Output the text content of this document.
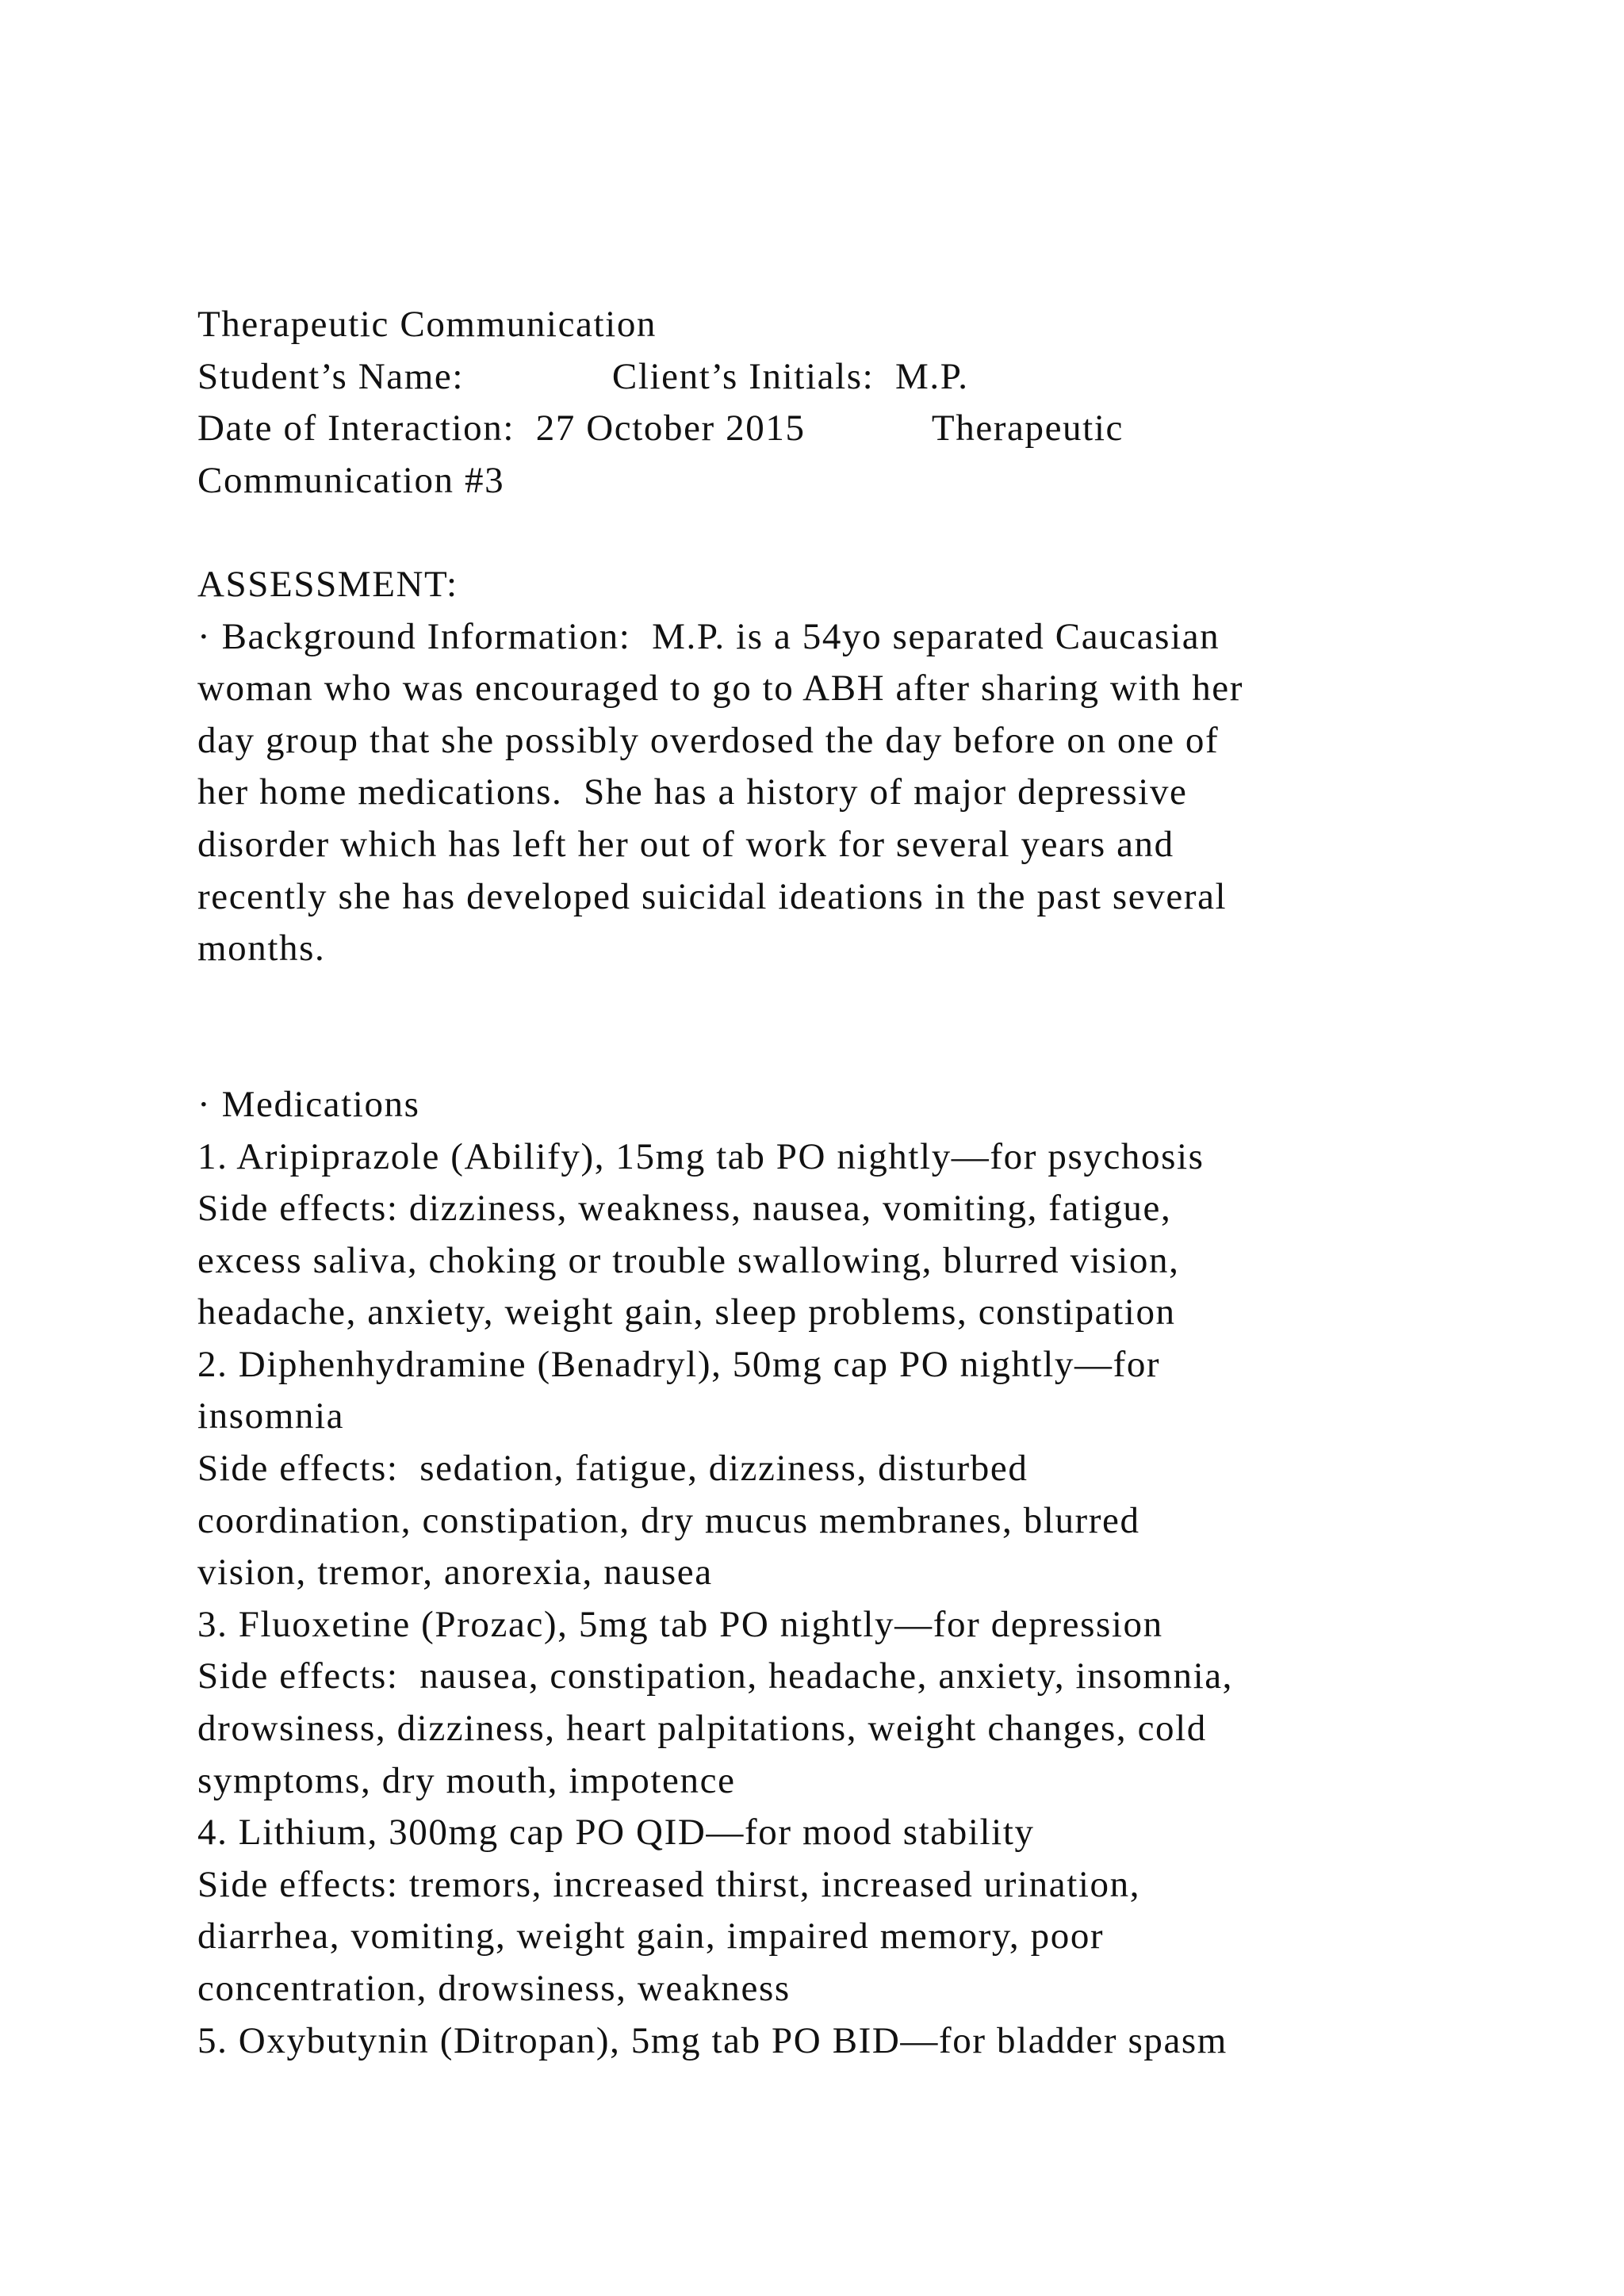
Therapeutic Communication
Student’s Name:              Client’s Initials:  M.P.
Date of Interaction:  27 October 2015            Therapeutic
Communication #3
ASSESSMENT:
· Background Information:  M.P. is a 54yo separated Caucasian
woman who was encouraged to go to ABH after sharing with her
day group that she possibly overdosed the day before on one of
her home medications.  She has a history of major depressive
disorder which has left her out of work for several years and
recently she has developed suicidal ideations in the past several
months.
· Medications
1. Aripiprazole (Abilify), 15mg tab PO nightly—for psychosis
Side effects: dizziness, weakness, nausea, vomiting, fatigue,
excess saliva, choking or trouble swallowing, blurred vision,
headache, anxiety, weight gain, sleep problems, constipation
2. Diphenhydramine (Benadryl), 50mg cap PO nightly—for
insomnia
Side effects:  sedation, fatigue, dizziness, disturbed
coordination, constipation, dry mucus membranes, blurred
vision, tremor, anorexia, nausea
3. Fluoxetine (Prozac), 5mg tab PO nightly—for depression
Side effects:  nausea, constipation, headache, anxiety, insomnia,
drowsiness, dizziness, heart palpitations, weight changes, cold
symptoms, dry mouth, impotence
4. Lithium, 300mg cap PO QID—for mood stability
Side effects: tremors, increased thirst, increased urination,
diarrhea, vomiting, weight gain, impaired memory, poor
concentration, drowsiness, weakness
5. Oxybutynin (Ditropan), 5mg tab PO BID—for bladder spasm
